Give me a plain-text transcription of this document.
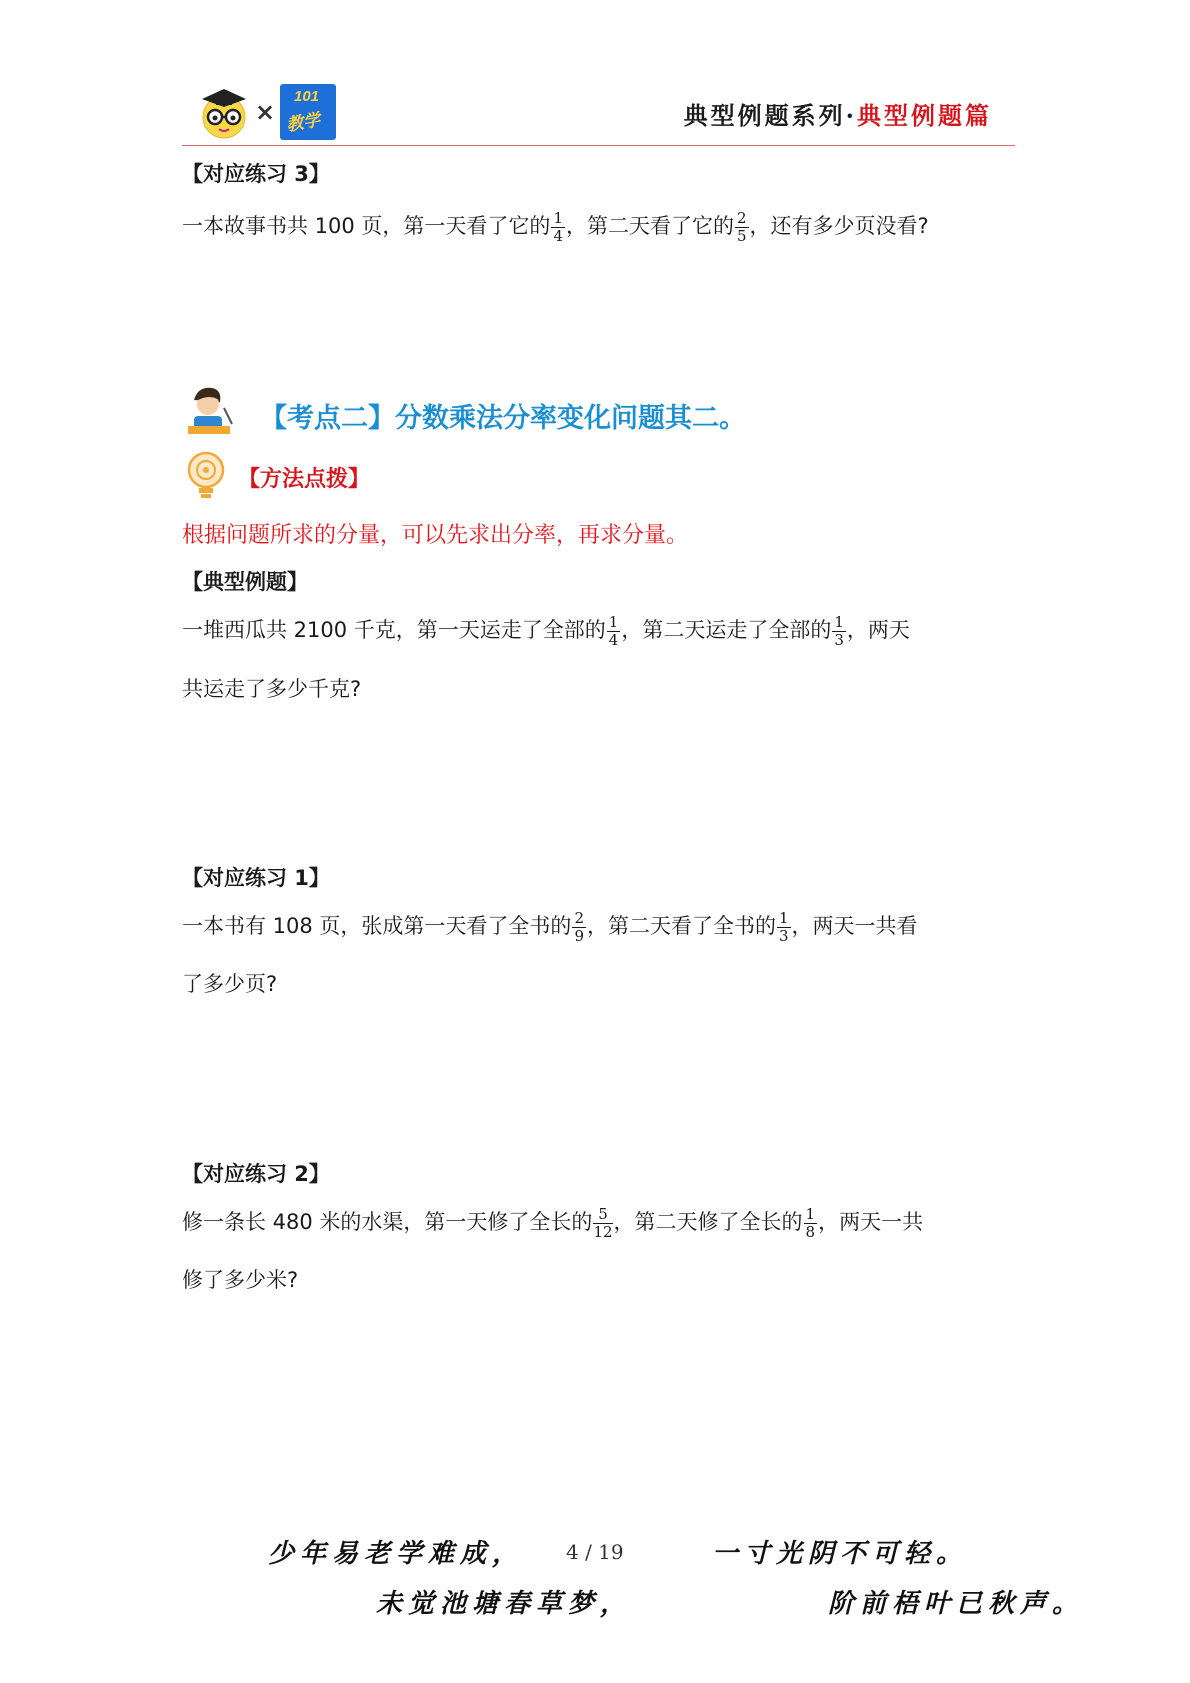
×
101
教学	典型例题系列·典型例题篇
【对应练习 3】
一本故事书共 100 页，第一天看了它的 $\frac{1}{4}$ ，第二天看了它的 $\frac{2}{5}$ ，还有多少页没看?
【考点二】分数乘法分率变化问题其二。
【方法点拨】
根据问题所求的分量，可以先求出分率，再求分量。
【典型例题】
一堆西瓜共 2100 千克，第一天运走了全部的 $\frac{1}{4}$ ，第二天运走了全部的 $\frac{1}{3}$ ，两天
共运走了多少千克?
【对应练习 1】
一本书有 108 页，张成第一天看了全书的 $\frac{2}{9}$ ，第二天看了全书的 $\frac{1}{3}$ ，两天一共看
了多少页?
【对应练习 2】
修一条长 480 米的水渠，第一天修了全长的 $\frac{5}{12}$ ，第二天修了全长的 $\frac{1}{8}$ ，两天一共
修了多少米?
少年易老学难成， 4 / 19	一寸光阴不可轻。
未觉池塘春草梦，	阶前梧叶已秋声。
